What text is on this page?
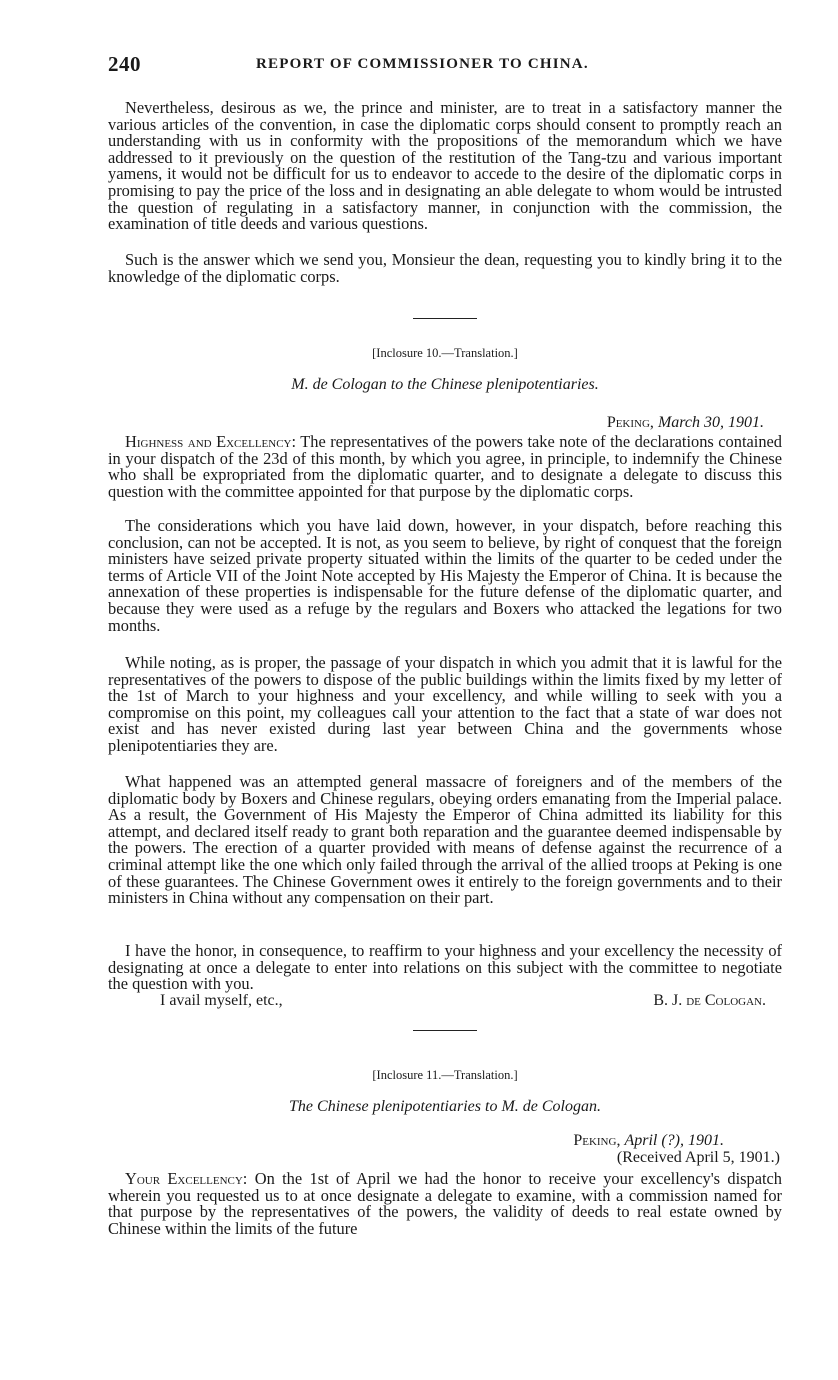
240	REPORT OF COMMISSIONER TO CHINA.

Nevertheless, desirous as we, the prince and minister, are to treat in a satisfactory manner the various articles of the convention, in case the diplomatic corps should consent to promptly reach an understanding with us in conformity with the propositions of the memorandum which we have addressed to it previously on the question of the restitution of the Tang-tzu and various important yamens, it would not be difficult for us to endeavor to accede to the desire of the diplomatic corps in promising to pay the price of the loss and in designating an able delegate to whom would be intrusted the question of regulating in a satisfactory manner, in conjunction with the commission, the examination of title deeds and various questions.

Such is the answer which we send you, Monsieur the dean, requesting you to kindly bring it to the knowledge of the diplomatic corps.

[Inclosure 10.—Translation.]

M. de Cologan to the Chinese plenipotentiaries.

Peking, March 30, 1901.

Highness and Excellency: The representatives of the powers take note of the declarations contained in your dispatch of the 23d of this month, by which you agree, in principle, to indemnify the Chinese who shall be expropriated from the diplomatic quarter, and to designate a delegate to discuss this question with the committee appointed for that purpose by the diplomatic corps.

The considerations which you have laid down, however, in your dispatch, before reaching this conclusion, can not be accepted. It is not, as you seem to believe, by right of conquest that the foreign ministers have seized private property situated within the limits of the quarter to be ceded under the terms of Article VII of the Joint Note accepted by His Majesty the Emperor of China. It is because the annexation of these properties is indispensable for the future defense of the diplomatic quarter, and because they were used as a refuge by the regulars and Boxers who attacked the legations for two months.

While noting, as is proper, the passage of your dispatch in which you admit that it is lawful for the representatives of the powers to dispose of the public buildings within the limits fixed by my letter of the 1st of March to your highness and your excellency, and while willing to seek with you a compromise on this point, my colleagues call your attention to the fact that a state of war does not exist and has never existed during last year between China and the governments whose plenipotentiaries they are.

What happened was an attempted general massacre of foreigners and of the members of the diplomatic body by Boxers and Chinese regulars, obeying orders emanating from the Imperial palace. As a result, the Government of His Majesty the Emperor of China admitted its liability for this attempt, and declared itself ready to grant both reparation and the guarantee deemed indispensable by the powers. The erection of a quarter provided with means of defense against the recurrence of a criminal attempt like the one which only failed through the arrival of the allied troops at Peking is one of these guarantees. The Chinese Government owes it entirely to the foreign governments and to their ministers in China without any compensation on their part.

I have the honor, in consequence, to reaffirm to your highness and your excellency the necessity of designating at once a delegate to enter into relations on this subject with the committee to negotiate the question with you.

I avail myself, etc.,	B. J. de Cologan.

[Inclosure 11.—Translation.]

The Chinese plenipotentiaries to M. de Cologan.

Peking, April (?), 1901.

(Received April 5, 1901.)

Your Excellency: On the 1st of April we had the honor to receive your excellency's dispatch wherein you requested us to at once designate a delegate to examine, with a commission named for that purpose by the representatives of the powers, the validity of deeds to real estate owned by Chinese within the limits of the future
